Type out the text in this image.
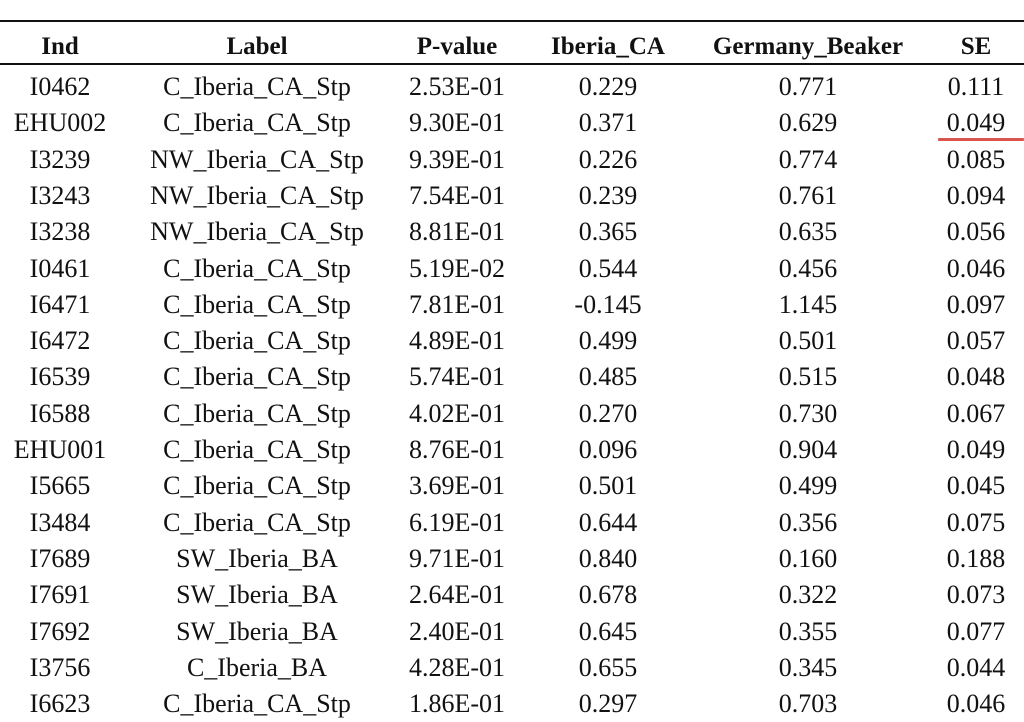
Ind	Label	P-value	Iberia_CA	Germany_Beaker	SE
I0462	C_Iberia_CA_Stp	2.53E-01	0.229	0.771	0.111
EHU002	C_Iberia_CA_Stp	9.30E-01	0.371	0.629	0.049
I3239	NW_Iberia_CA_Stp	9.39E-01	0.226	0.774	0.085
I3243	NW_Iberia_CA_Stp	7.54E-01	0.239	0.761	0.094
I3238	NW_Iberia_CA_Stp	8.81E-01	0.365	0.635	0.056
I0461	C_Iberia_CA_Stp	5.19E-02	0.544	0.456	0.046
I6471	C_Iberia_CA_Stp	7.81E-01	-0.145	1.145	0.097
I6472	C_Iberia_CA_Stp	4.89E-01	0.499	0.501	0.057
I6539	C_Iberia_CA_Stp	5.74E-01	0.485	0.515	0.048
I6588	C_Iberia_CA_Stp	4.02E-01	0.270	0.730	0.067
EHU001	C_Iberia_CA_Stp	8.76E-01	0.096	0.904	0.049
I5665	C_Iberia_CA_Stp	3.69E-01	0.501	0.499	0.045
I3484	C_Iberia_CA_Stp	6.19E-01	0.644	0.356	0.075
I7689	SW_Iberia_BA	9.71E-01	0.840	0.160	0.188
I7691	SW_Iberia_BA	2.64E-01	0.678	0.322	0.073
I7692	SW_Iberia_BA	2.40E-01	0.645	0.355	0.077
I3756	C_Iberia_BA	4.28E-01	0.655	0.345	0.044
I6623	C_Iberia_CA_Stp	1.86E-01	0.297	0.703	0.046
